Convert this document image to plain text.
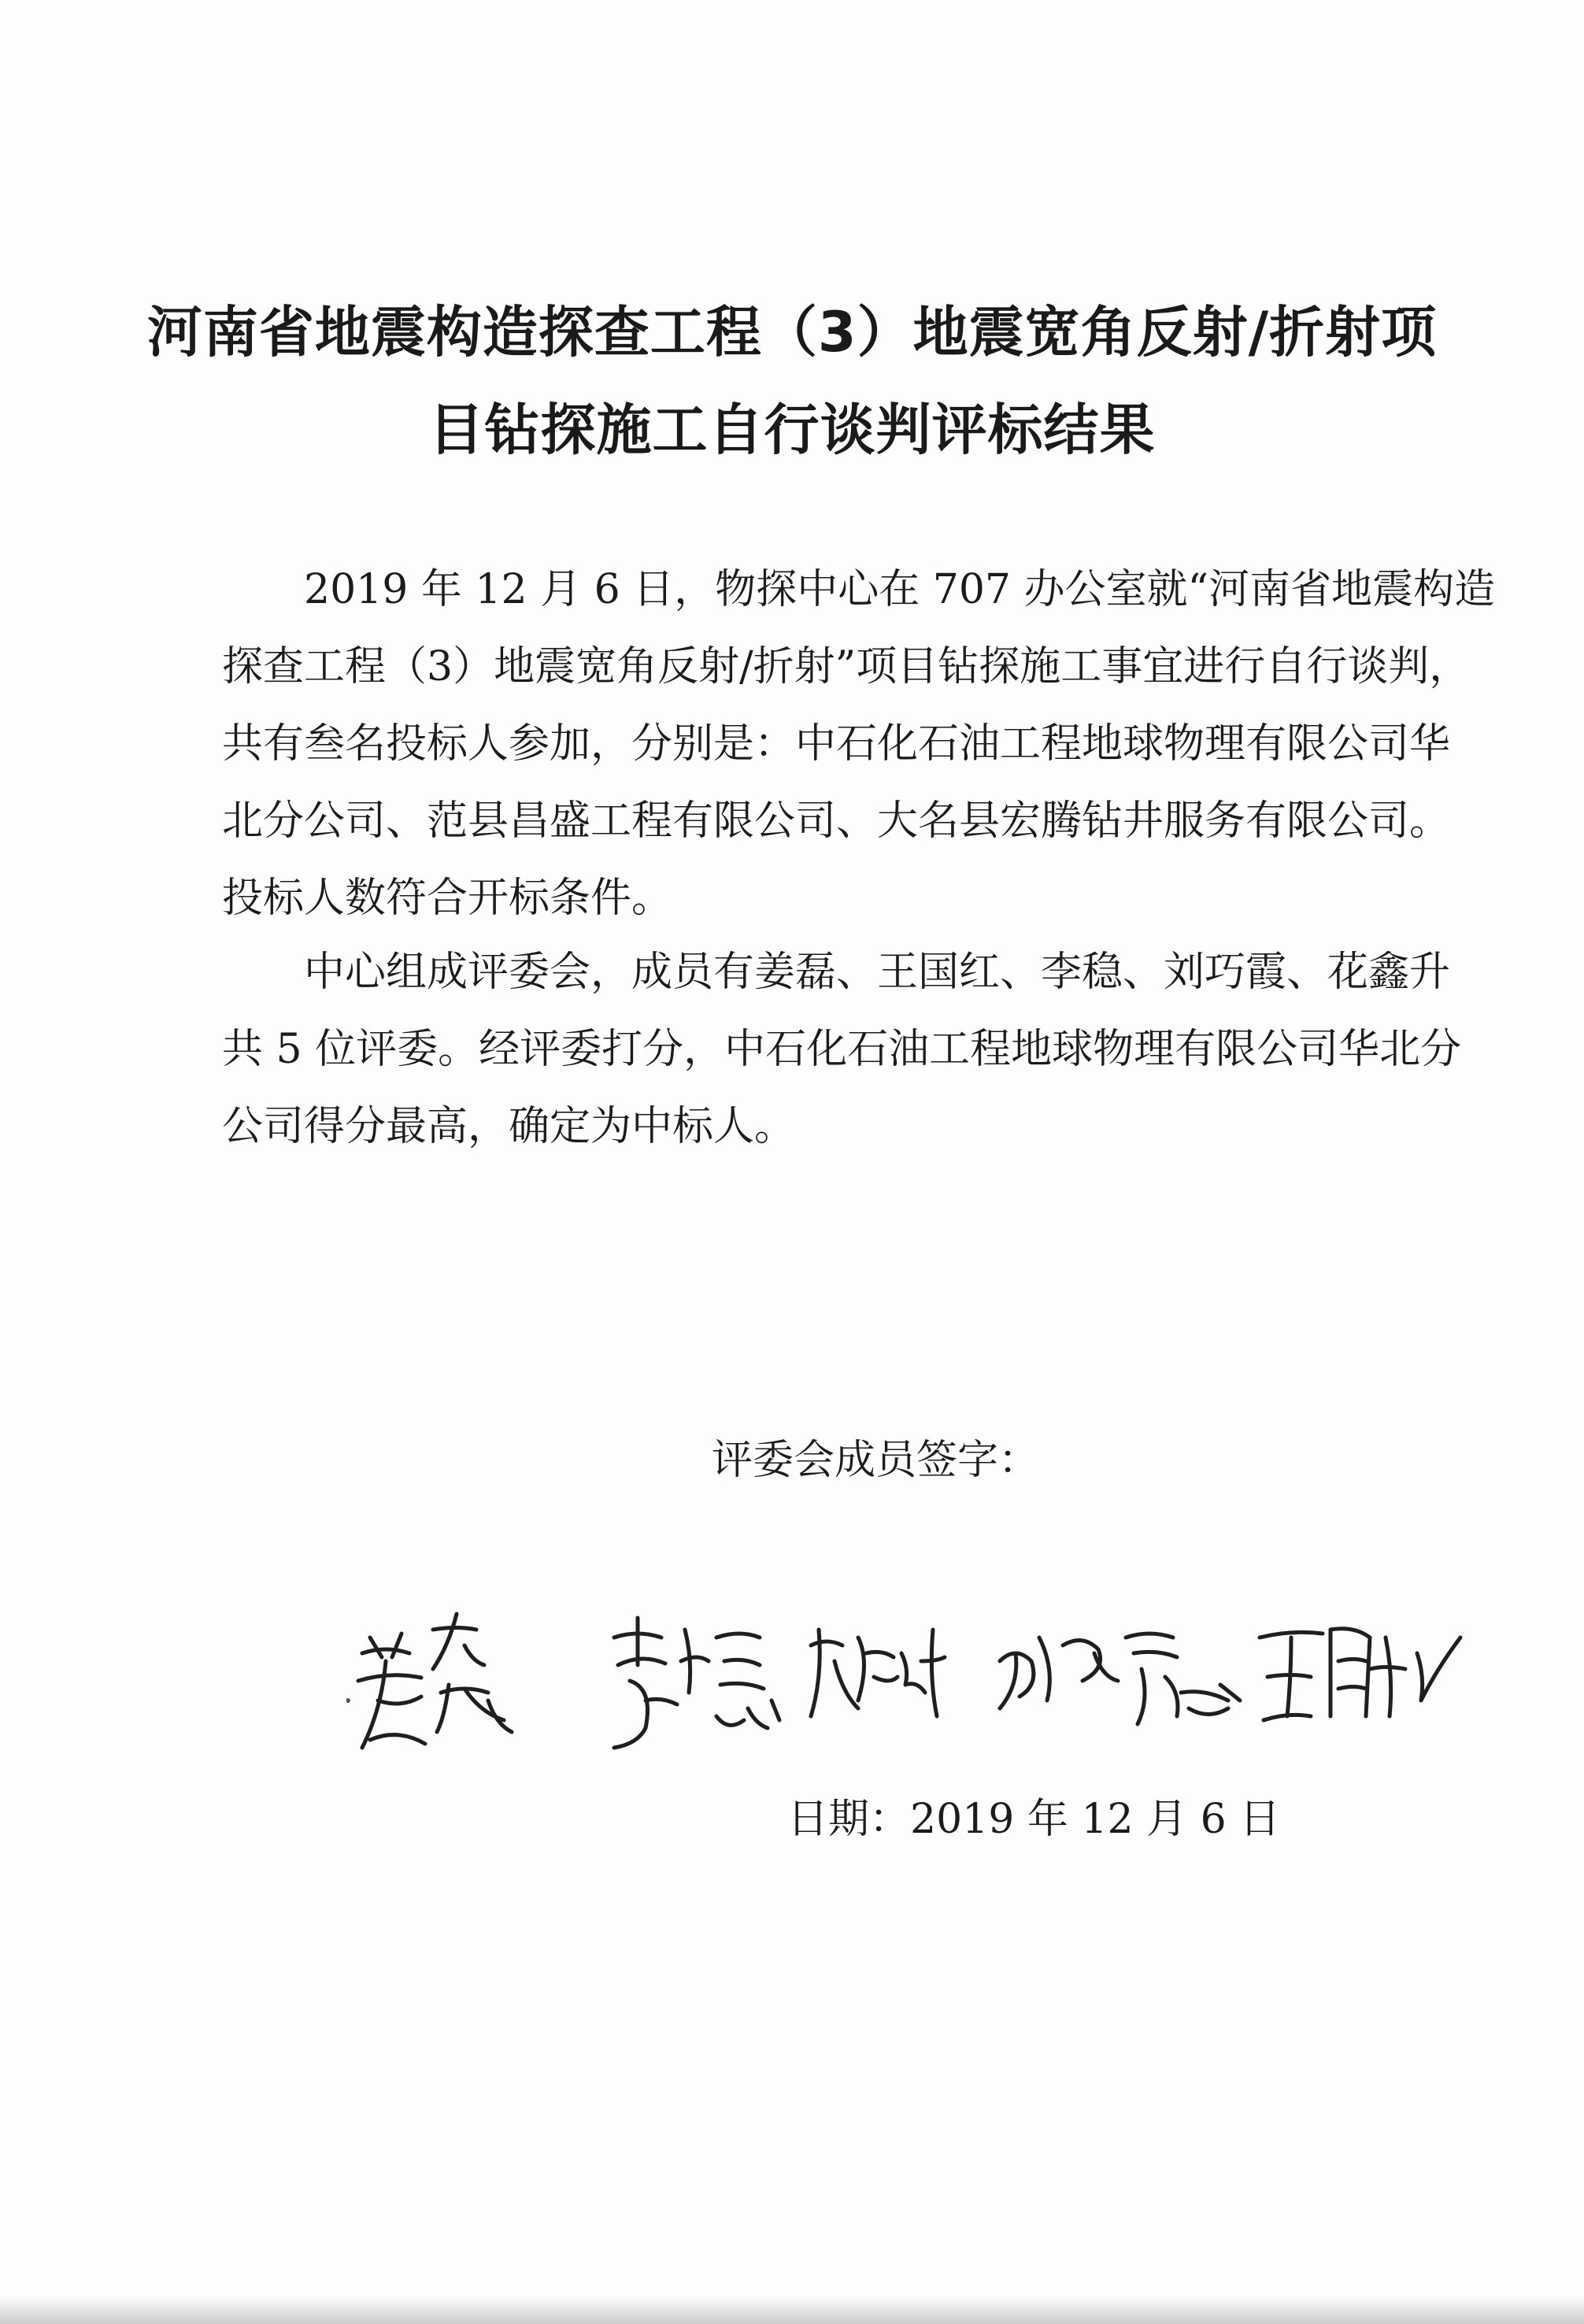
河南省地震构造探查工程（3）地震宽角反射/折射项
目钻探施工自行谈判评标结果
2019 年 12 月 6 日，物探中心在 707 办公室就“河南省地震构造
探查工程（3）地震宽角反射/折射”项目钻探施工事宜进行自行谈判，
共有叁名投标人参加，分别是：中石化石油工程地球物理有限公司华
北分公司、范县昌盛工程有限公司、大名县宏腾钻井服务有限公司。
投标人数符合开标条件。
中心组成评委会，成员有姜磊、王国红、李稳、刘巧霞、花鑫升
共 5 位评委。经评委打分，中石化石油工程地球物理有限公司华北分
公司得分最高，确定为中标人。
评委会成员签字：
日期：2019 年 12 月 6 日
